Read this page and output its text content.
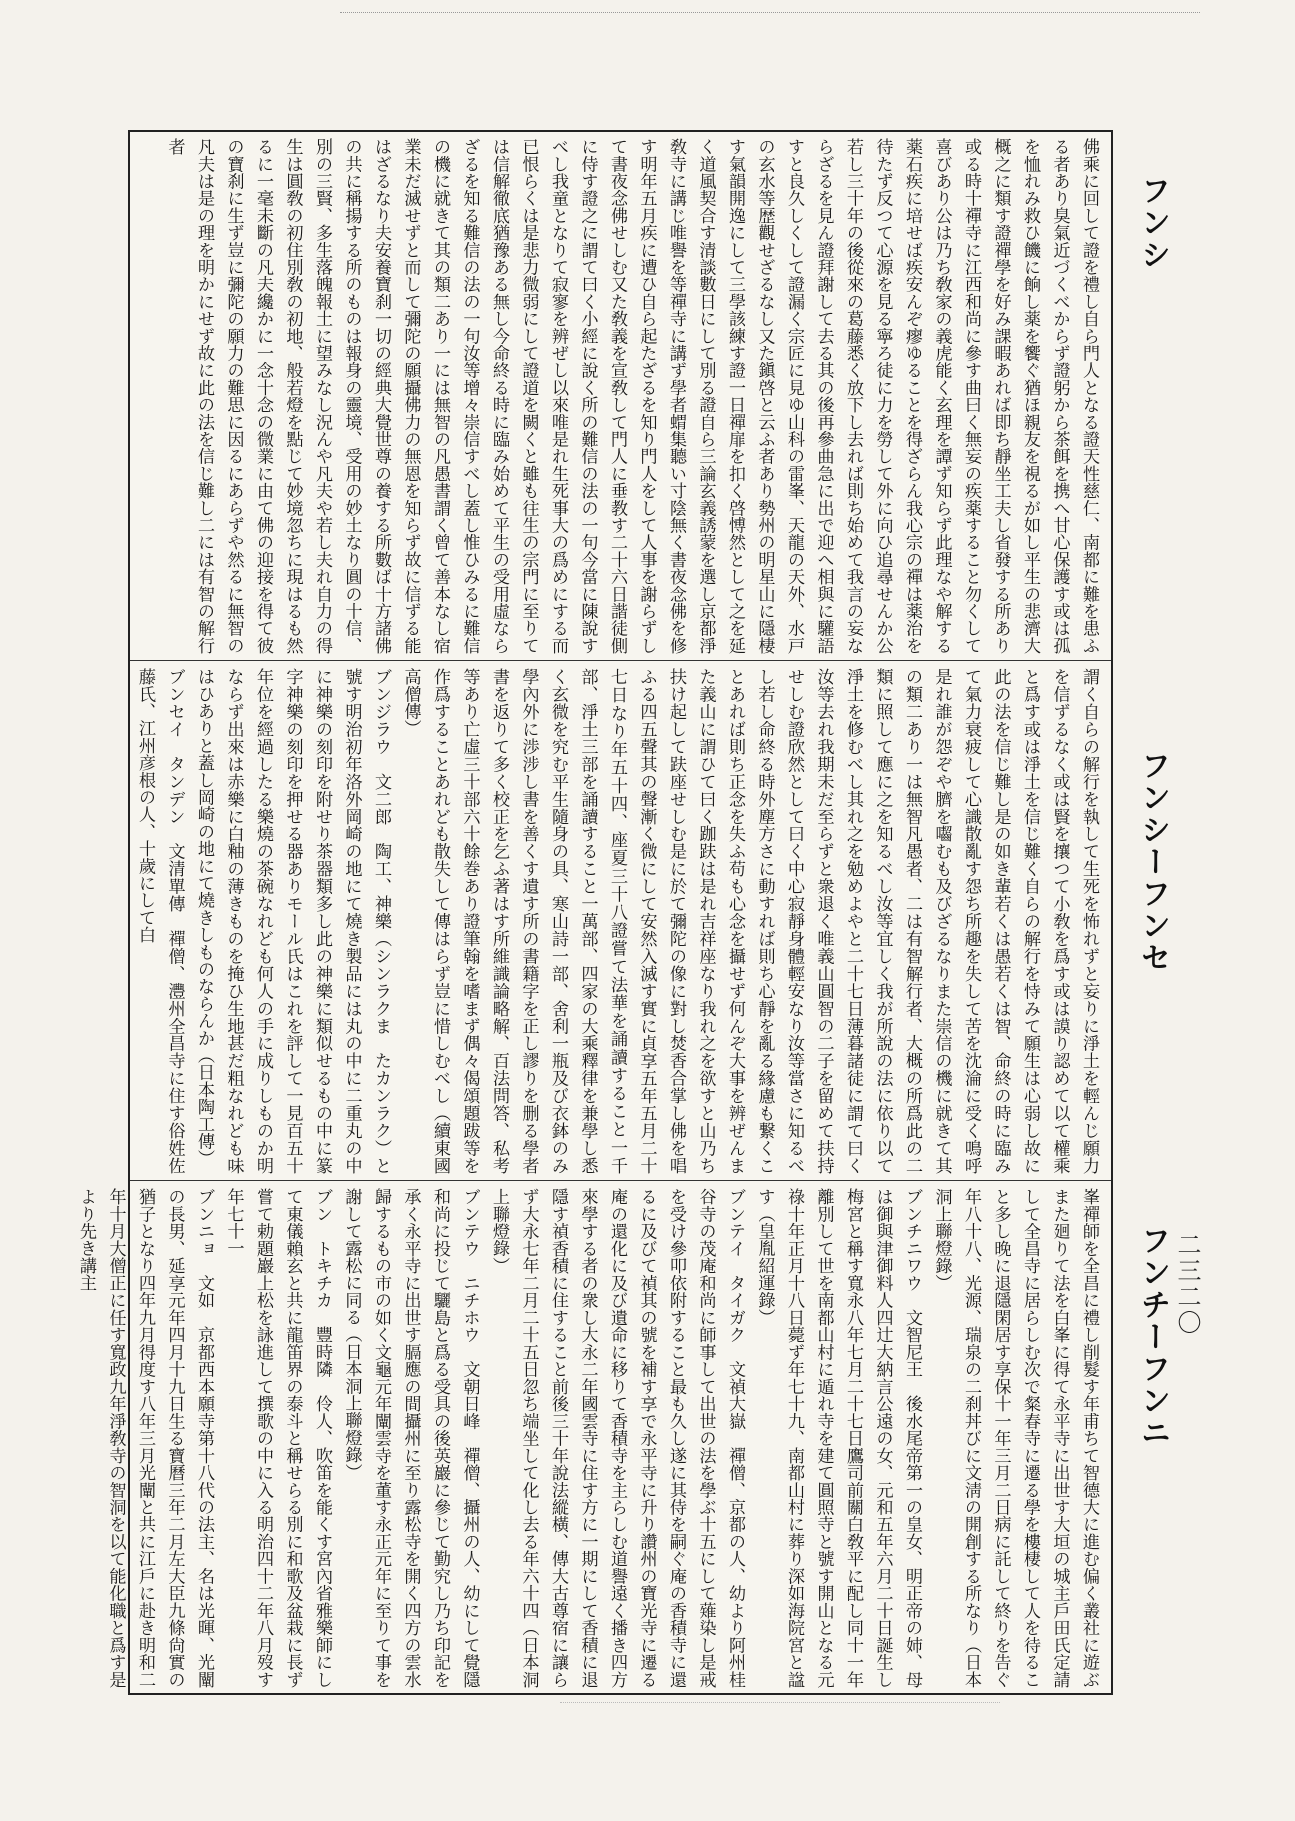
佛乘に回して證を禮し自ら門人となる證天性慈仁、南都に難を患ふる者あり臭氣近づくべからず證躬から茶餌を携へ甘心保護す或は孤を恤れみ救ひ饑に餉し薬を饗ぐ猶ほ親友を視るが如し平生の悲濟大概之に類す證禪學を好み課暇あれば即ち靜坐工夫し省發する所あり或る時十禪寺に江西和尚に參す曲曰く無妄の疾薬すること勿くして喜びあり公は乃ち敎家の義虎能く玄理を譚ず知らず此理なや解する薬石疾に培せば疾安んぞ瘳ゆることを得ざらん我心宗の禪は薬治を待たず反つて心源を見る寧ろ徒に力を勞して外に向ひ追尋せんか公若し三十年の後從來の葛藤悉く放下し去れば則ち始めて我言の妄ならざるを見ん證拜謝して去る其の後再參曲急に出で迎へ相與に驩語すと良久しくして證漏く宗匠に見ゆ山科の雷峯、天龍の天外、水戸の玄水等歴觀せざるなし又た鎭啓と云ふ者あり勢州の明星山に隱棲す氣韻開逸にして三學該練す證一日禪扉を扣く啓愽然として之を延く道風契合す清談數日にして別る證自ら三論玄義誘蒙を選し京都淨敎寺に講じ唯譽を等禪寺に講ず學者蝟集聽い寸陰無く書夜念佛を修す明年五月疾に遭ひ自ら起たざるを知り門人をして人事を謝らずして書夜念佛せしむ又た敎義を宣敎して門人に垂教す二十六日諧徒側に侍す證之に謂て曰く小經に說く所の難信の法の一句今當に陳說すべし我童となりて寂寥を辨ぜし以來唯是れ生死事大の爲めにする而已恨らくは是悲力微弱にして證道を闕くと雖も往生の宗門に至りては信解徹底猶豫ある無し今命終る時に臨み始めて平生の受用虛ならざるを知る難信の法の一句汝等增々崇信すべし蓋し惟ひみるに難信の機に就きて其の類二あり一には無智の凡愚書謂く曾て善本なし宿業未だ滅せずと而して彌陀の願攝佛力の無恩を知らず故に信ずる能はざるなり夫安養寶刹一切の經典大覺世尊の養する所數ば十方諸佛の共に稱揚する所のものは報身の靈境、受用の妙土なり圓の十信、別の三賢、多生落魄報土に望みなし況んや凡夫や若し夫れ自力の得生は圓敎の初住別敎の初地、般若燈を點じて妙境忽ちに現はるも然るに一毫未斷の凡夫纔かに一念十念の微業に由て佛の迎接を得て彼の寶刹に生ず豈に彌陀の願力の難思に因るにあらずや然るに無智の凡夫は是の理を明かにせず故に此の法を信じ難し二には有智の解行者
謂く自らの解行を執して生死を怖れずと妄りに淨土を輕んじ願力を信ずるなく或は賢を攘つて小敎を爲す或は謨り認めて以て權乘と爲す或は淨土を信じ難く自らの解行を恃みて願生は心弱し故に此の法を信じ難し是の如き輩若くは愚若くは智、命終の時に臨みて氣力衰疲して心識散亂す怨ち所趣を失して苦を沈淪に受く鳴呼是れ誰が怨ぞや臍を囓むも及びざるなりまた崇信の機に就きて其の類二あり一は無智凡愚者、二は有智解行者、大概の所爲此の二類に照して應に之を知るべし汝等宜しく我が所說の法に依り以て淨土を修むべし其れ之を勉めよやと二十七日薄暮諸徒に謂て曰く汝等去れ我期未だ至らずと衆退く唯義山圓智の二子を留めて扶持せしむ證欣然として曰く中心寂靜身體輕安なり汝等當さに知るべし若し命終る時外塵方さに動すれば則ち心靜を亂る緣慮も繋くことあれば則ち正念を失ふ苟も心念を攝せず何んぞ大事を辨ぜんまた義山に謂ひて曰く跏趺は是れ吉祥座なり我れ之を欲すと山乃ち扶け起して趺座せしむ是に於て彌陀の像に對し焚香合掌し佛を唱ふる四五聲其の聲漸く微にして安然入滅す實に貞享五年五月二十七日なり年五十四、座夏三十八證嘗て法華を誦讀すること一千部、淨土三部を誦讀すること一萬部、四家の大乘釋律を兼學し悉く玄微を究む平生隨身の具、寒山詩一部、舍利一瓶及び衣鉢のみ學內外に渉涉し書を善くす遺す所の書籍字を正し謬りを删る學者書を返りて多く校正を乞ふ著はす所維識論略解、百法問答、私考等あり亡虛三十部六十餘巻あり證筆翰を嗜まず偶々偈頌題跋等を作爲することあれども散失して傳はらず豈に惜しむべし（續東國高僧傳）
ブンジラウ　文二郎　陶工、神樂（シンラクま　たカンラク）と號す明治初年洛外岡崎の地にて燒き製品には丸の中に二重丸の中に神樂の刻印を附せり茶器類多し此の神樂に類似せるもの中に篆字神樂の刻印を押せる器ありモール氏はこれを評して一見百五十年位を經過したる樂燒の茶碗なれども何人の手に成りしものか明ならず出來は赤樂に白釉の薄きものを掩ひ生地甚だ粗なれども味はひありと蓋し岡崎の地にて燒きしものならんか（日本陶工傳）
ブンセイ　タンデン　文清單傳　禪僧、灃州全昌寺に住す俗姓佐藤氏、江州彦根の人、十歲にして白
峯禪師を全昌に禮し削髮す年甫ちて智德大に進む偏く叢社に遊ぶまた廻りて法を白峯に得て永平寺に出世す大垣の城主戶田氏定請して全昌寺に居らしむ次で粲春寺に遷る學を樓棲して人を待ること多し晚に退隱閑居す享保十一年三月二日病に託して終りを告ぐ年八十八、光源、瑞泉の二刹丼びに文淸の開創する所なり（日本洞上聯燈錄）
ブンチニワウ　文智尼王　後水尾帝第一の皇女、明正帝の姉、母は御與津御料人四辻大納言公遠の女、元和五年六月二十日誕生し梅宮と稱す寬永八年七月二十七日鷹司前關白敎平に配し同十一年離別して世を南都山村に遁れ寺を建て圓照寺と號す開山となる元祿十年正月十八日薨ず年七十九、南都山村に葬り深如海院宮と諡す（皇胤紹運錄）
ブンテイ　タイガク　文禎大嶽　禪僧、京都の人、幼より阿州桂谷寺の茂庵和尚に師事して出世の法を學ぶ十五にして薙染し是戒を受け參叩依附すること最も久し遂に其侍を嗣ぐ庵の香積寺に還るに及びて禎其の號を補す享で永平寺に升り讚州の寶光寺に遷る庵の還化に及び遺命に移りて香積寺を主らしむ道譽遠く播き四方來學する者の衆し大永二年國雲寺に住す方に一期にして香積に退隱す禎香積に住すること前後三十年說法縱橫、傳大古尊宿に讓らず大永七年二月二十五日忽ち端坐して化し去る年六十四（日本洞上聯燈錄）
ブンテウ　ニチホウ　文朝日峰　禪僧、攝州の人、幼にして覺隱和尚に投じて驪島と爲る受具の後英巖に參じて勤究し乃ち印記を承く永平寺に出世す膈應の間攝州に至り露松寺を開く四方の雲水歸するもの市の如く文龜元年闡雲寺を董す永正元年に至りて事を謝して露松に同る（日本洞上聯燈錄）
ブン　トキチカ　豐時隣　伶人、吹笛を能くす宮內省雅樂師にして東儀賴玄と共に龍笛界の泰斗と稱せらる別に和歌及盆栽に長ず嘗て勅題巖上松を詠進して撰歌の中に入る明治四十二年八月歿す年七十一
ブンニョ　文如　京都西本願寺第十八代の法主、名は光暉、光闡の長男、延享元年四月十九日生る寶曆三年二月左大臣九條尙實の猶子となり四年九月得度す八年三月光闡と共に江戶に赴き明和二年十月大僧正に任す寬政九年淨敎寺の智洞を以て能化職と爲す是より先き講主
フンシ
フンシーフンセ
フンチーフンニ 二三二〇
